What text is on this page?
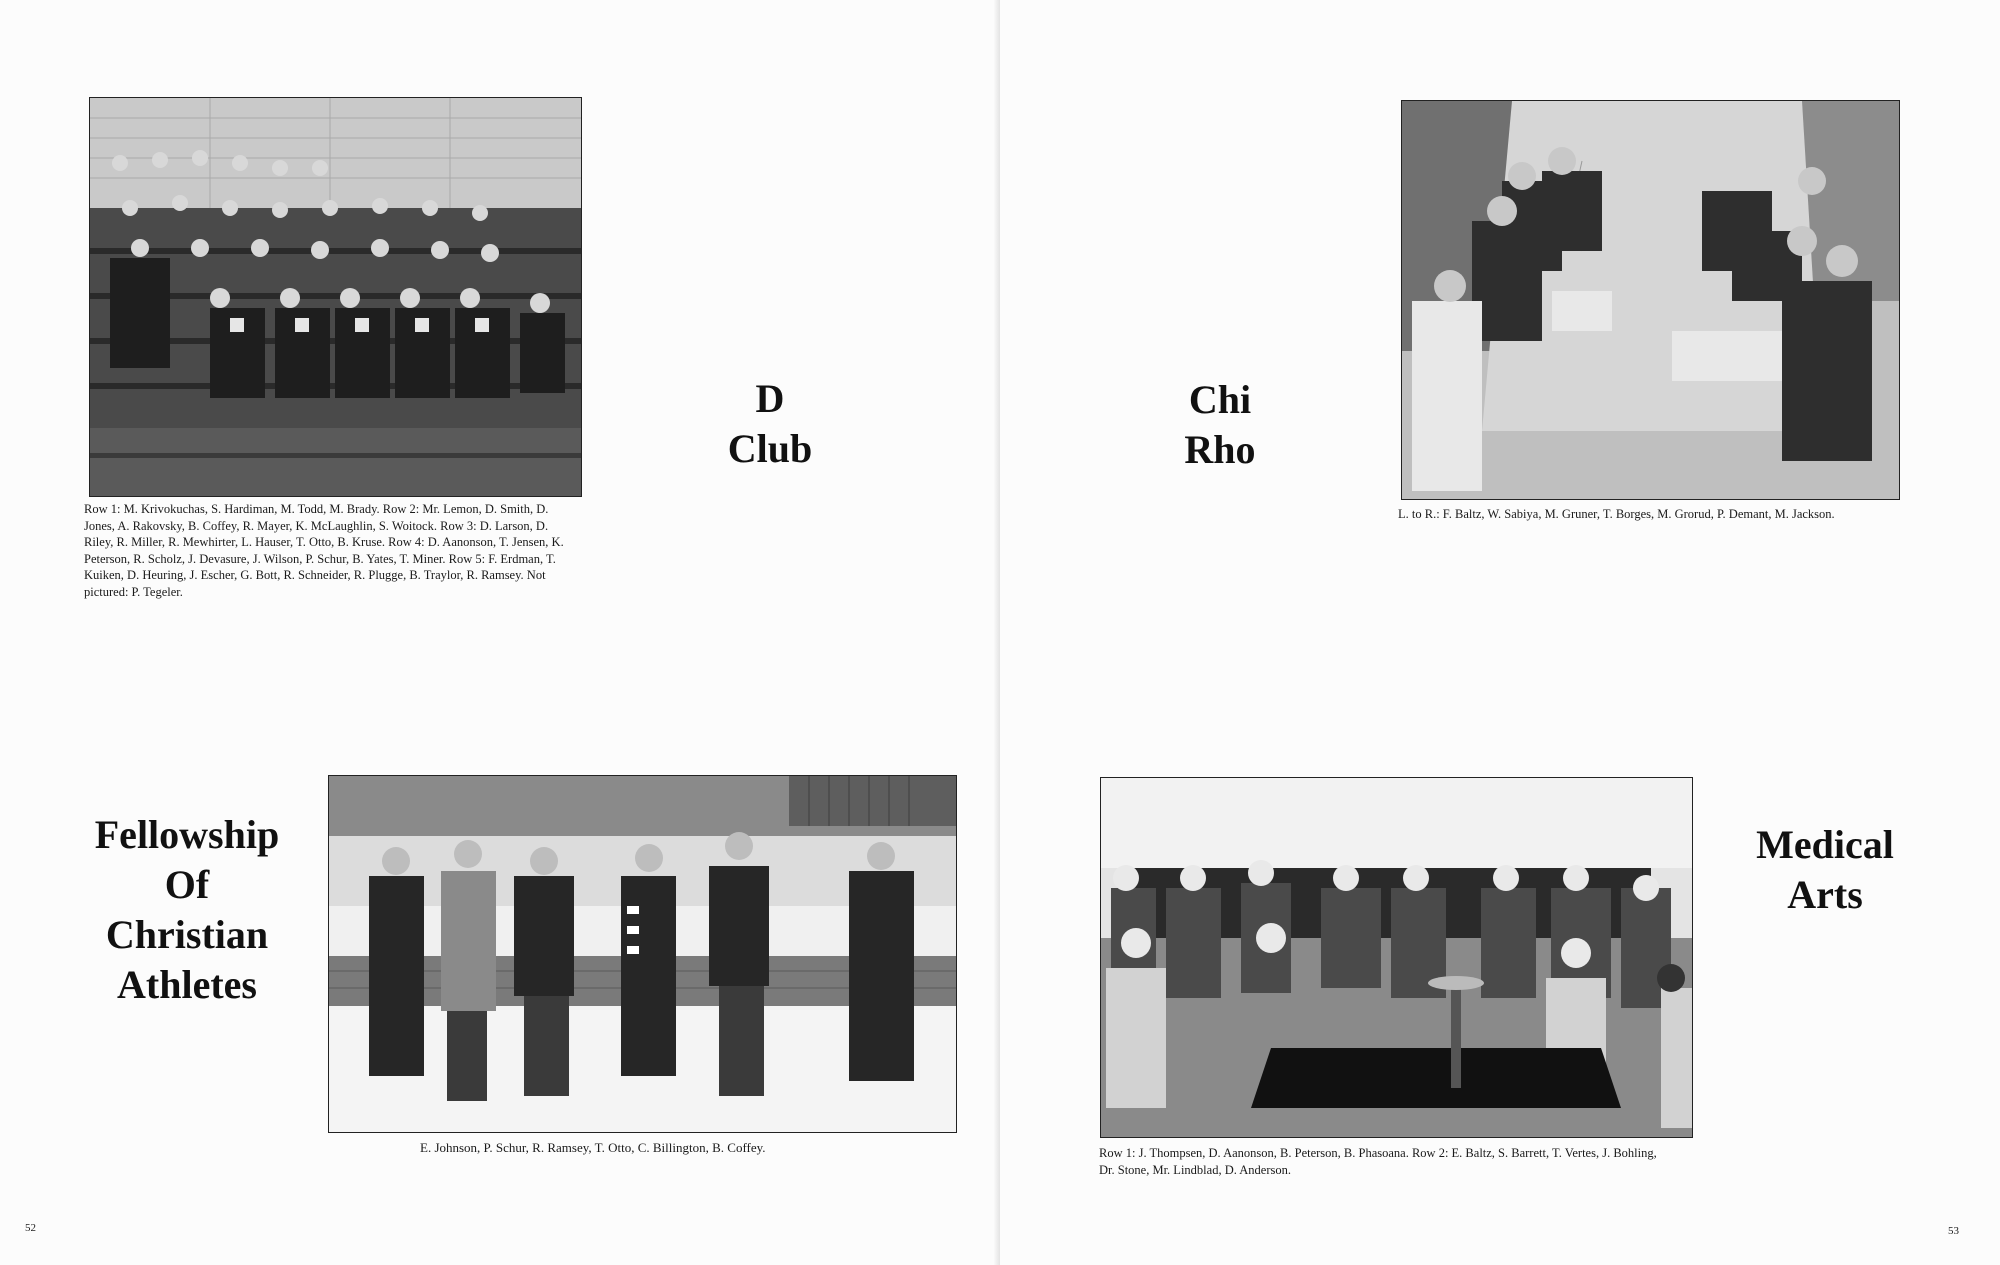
Row 1: M. Krivokuchas, S. Hardiman, M. Todd, M. Brady. Row 2: Mr. Lemon, D. Smith, D. Jones, A. Rakovsky, B. Coffey, R. Mayer, K. McLaughlin, S. Woitock. Row 3: D. Larson, D. Riley, R. Miller, R. Mewhirter, L. Hauser, T. Otto, B. Kruse. Row 4: D. Aanonson, T. Jensen, K. Peterson, R. Scholz, J. Devasure, J. Wilson, P. Schur, B. Yates, T. Miner. Row 5: F. Erdman, T. Kuiken, D. Heuring, J. Escher, G. Bott, R. Schneider, R. Plugge, B. Traylor, R. Ramsey. Not pictured: P. Tegeler.
D
Club
Fellowship
Of
Christian
Athletes
E. Johnson, P. Schur, R. Ramsey, T. Otto, C. Billington, B. Coffey.
52
Chi
Rho
L. to R.: F. Baltz, W. Sabiya, M. Gruner, T. Borges, M. Grorud, P. Demant, M. Jackson.
Row 1: J. Thompsen, D. Aanonson, B. Peterson, B. Phasoana. Row 2: E. Baltz, S. Barrett, T. Vertes, J. Bohling, Dr. Stone, Mr. Lindblad, D. Anderson.
Medical
Arts
53
